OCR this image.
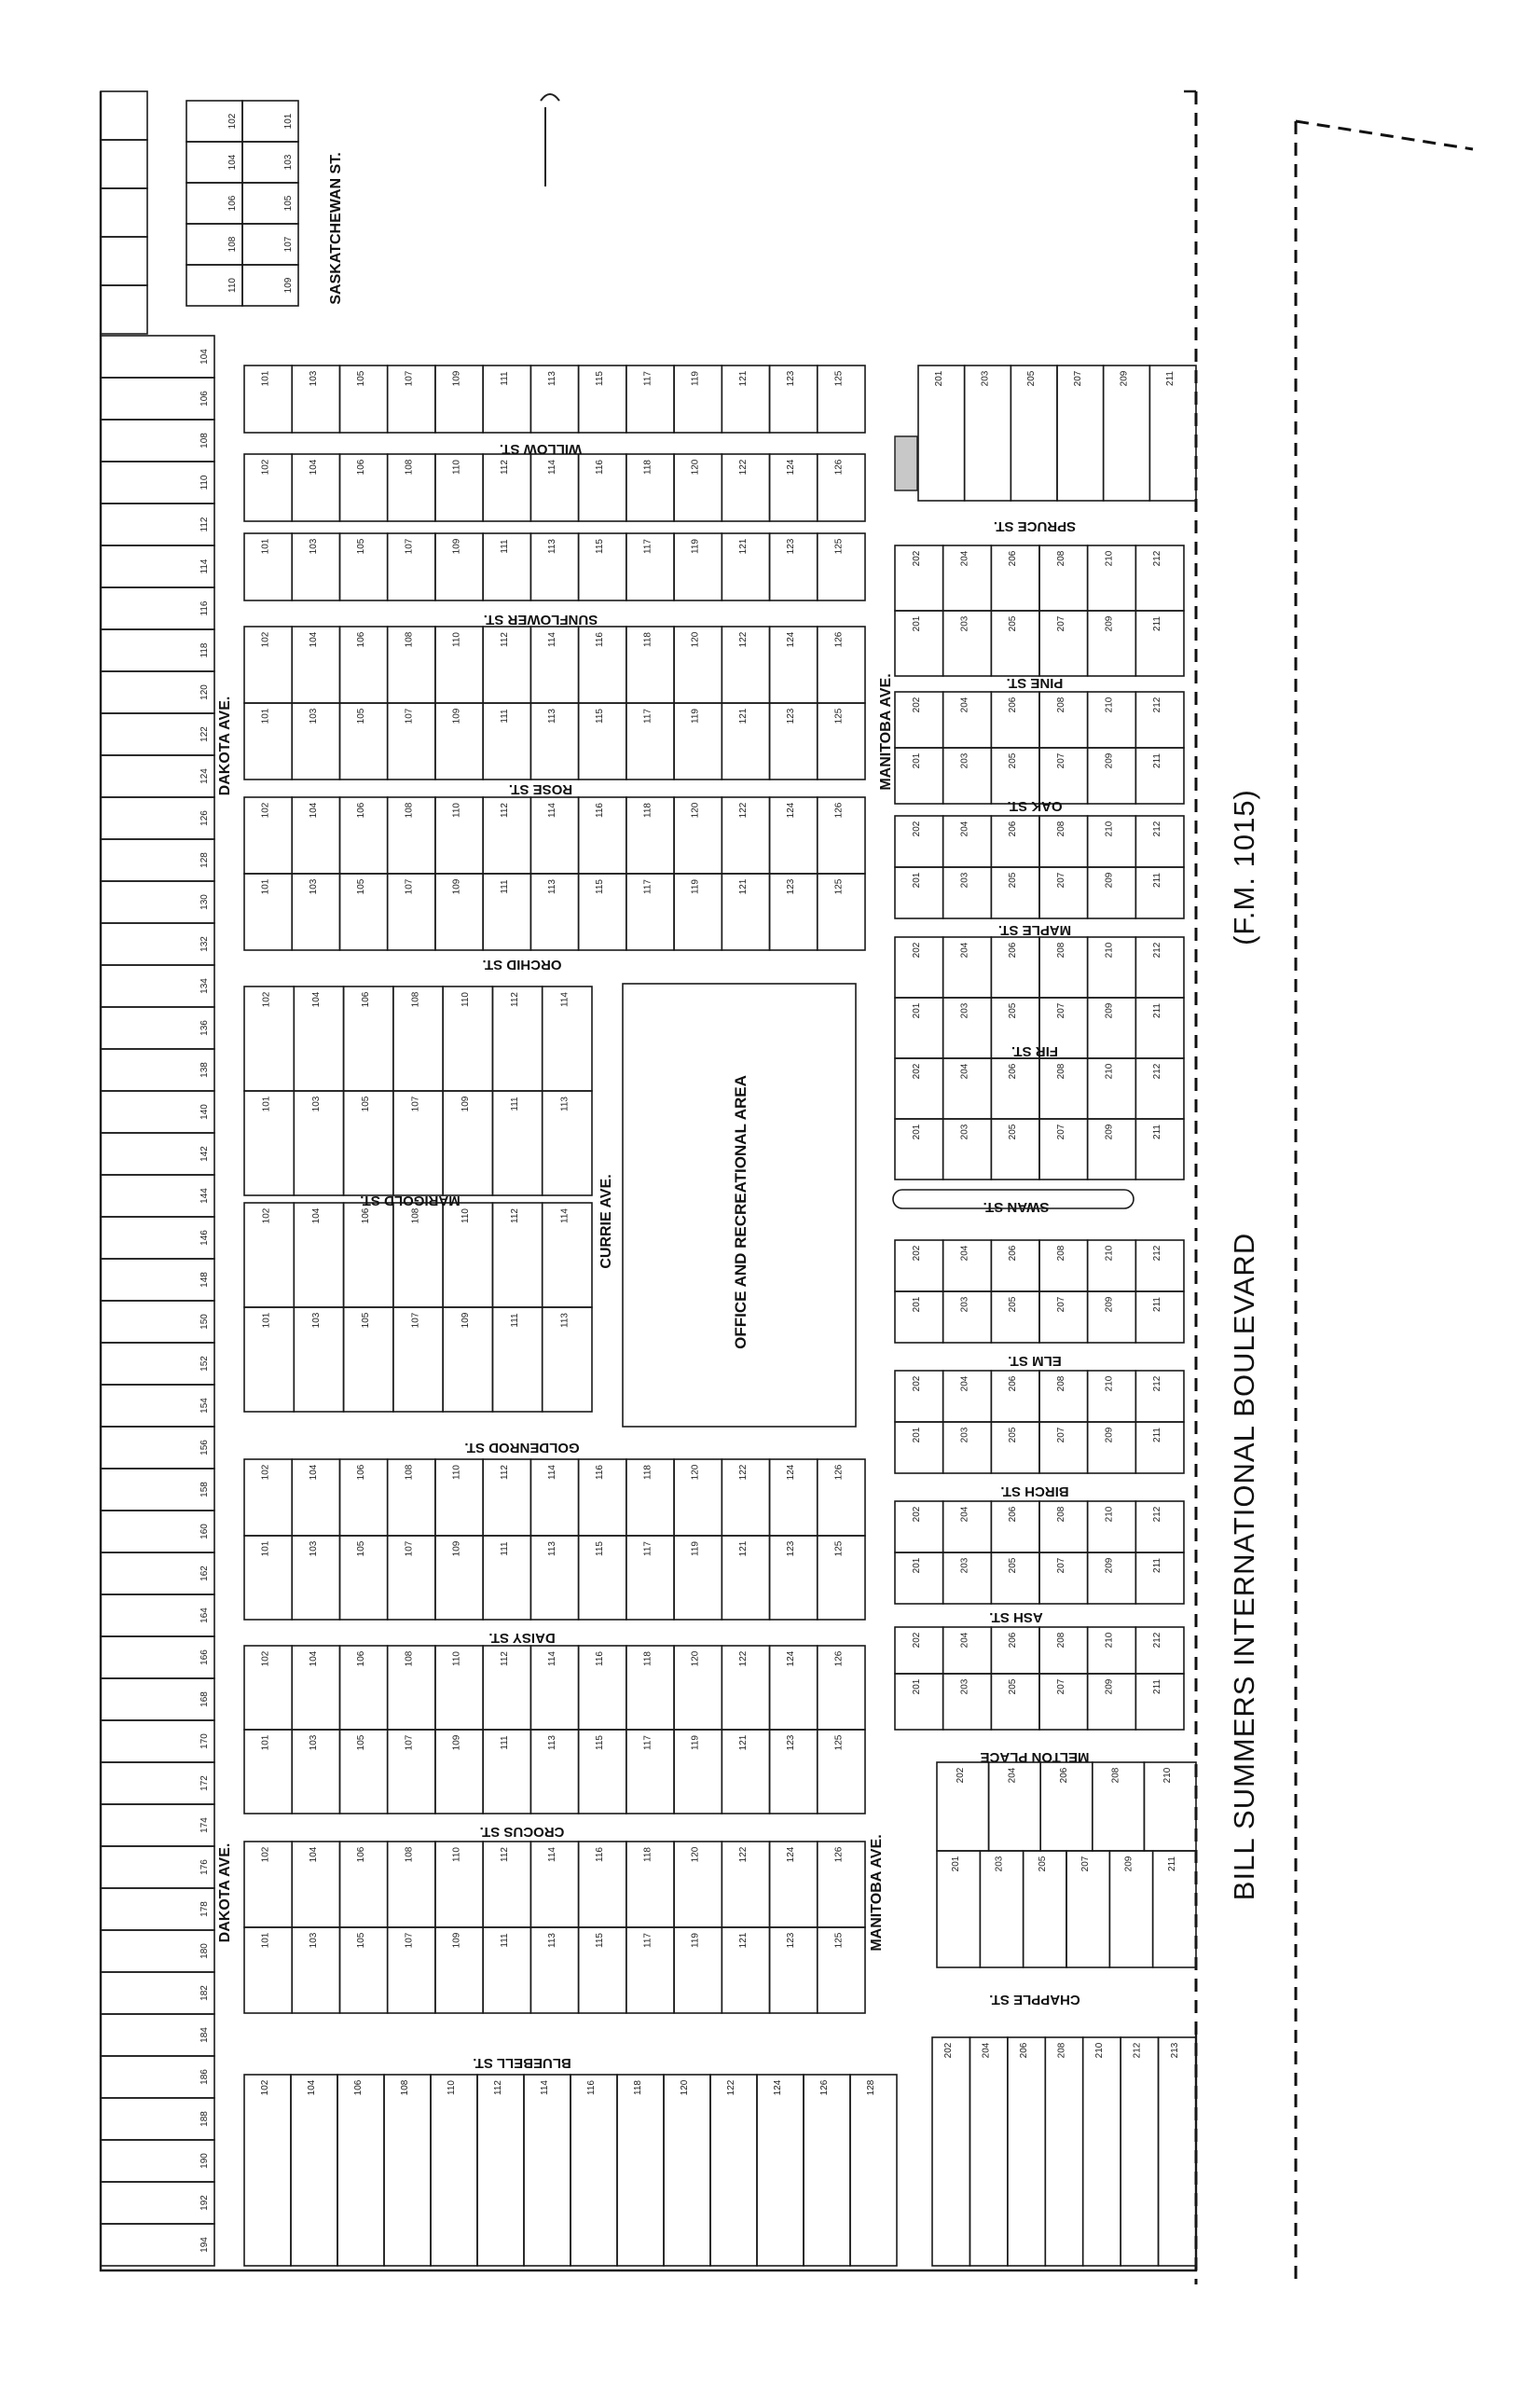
104
106
108
110
112
114
116
118
120
122
124
126
128
130
132
134
136
138
140
142
144
146
148
150
152
154
156
158
160
162
164
166
168
170
172
174
176
178
180
182
184
186
188
190
192
194
102	101
104	103
106	105
108	107
110	109
101	103	105	107	109	111	113	115	117	119	121	123	125
102	104	106	108	110	112	114	116	118	120	122	124	126
101	103	105	107	109	111	113	115	117	119	121	123	125
102	104	106	108	110	112	114	116	118	120	122	124	126
101	103	105	107	109	111	113	115	117	119	121	123	125
102	104	106	108	110	112	114	116	118	120	122	124	126
101	103	105	107	109	111	113	115	117	119	121	123	125
102	104	106	108	110	112	114
101	103	105	107	109	111	113
102	104	106	108	110	112	114	116	118	120	122	124	126
101	103	105	107	109	111	113	115	117	119	121	123	125
102	104	106	108	110	112	114	116	118	120	122	124	126
101	103	105	107	109	111	113	115	117	119	121	123	125
102	104	106	108	110	112	114	116	118	120	122	124	126
101	103	105	107	109	111	113	115	117	119	121	123	125
102	104	106	108	110	112	114	116	118	120	122	124	126	128
102	104	106	108	110	112	114
101	103	105	107	109	111	113
WILLOW ST.
SUNFLOWER ST.
ROSE ST.
ORCHID ST.
MARIGOLD ST.
GOLDENROD ST.
DAISY ST.
CROCUS ST.
BLUEBELL ST.
201	203	205	207	209	211
202	204	206	208	210	212
201	203	205	207	209	211
202	204	206	208	210	212
201	203	205	207	209	211
202	204	206	208	210	212
201	203	205	207	209	211
202	204	206	208	210	212
201	203	205	207	209	211
202	204	206	208	210	212
201	203	205	207	209	211
202	204	206	208	210	212
201	203	205	207	209	211
202	204	206	208	210	212
201	203	205	207	209	211
202	204	206	208	210	212
201	203	205	207	209	211
202	204	206	208	210	212
201	203	205	207	209	211
202	204	206	208	210
201	203	205	207	209	211
202	204	206	208	210	212	213
SPRUCE ST.
PINE ST.
OAK ST.
MAPLE ST.
FIR ST.
SWAN ST.
ELM ST.
BIRCH ST.
ASH ST.
MELTON PLACE
CHAPPLE ST.
OFFICE AND RECREATIONAL AREA
BILL SUMMERS INTERNATIONAL BOULEVARD
(F.M. 1015)
DAKOTA AVE.
DAKOTA AVE.
MANITOBA AVE.
MANITOBA AVE.
CURRIE AVE.
SASKATCHEWAN ST.
